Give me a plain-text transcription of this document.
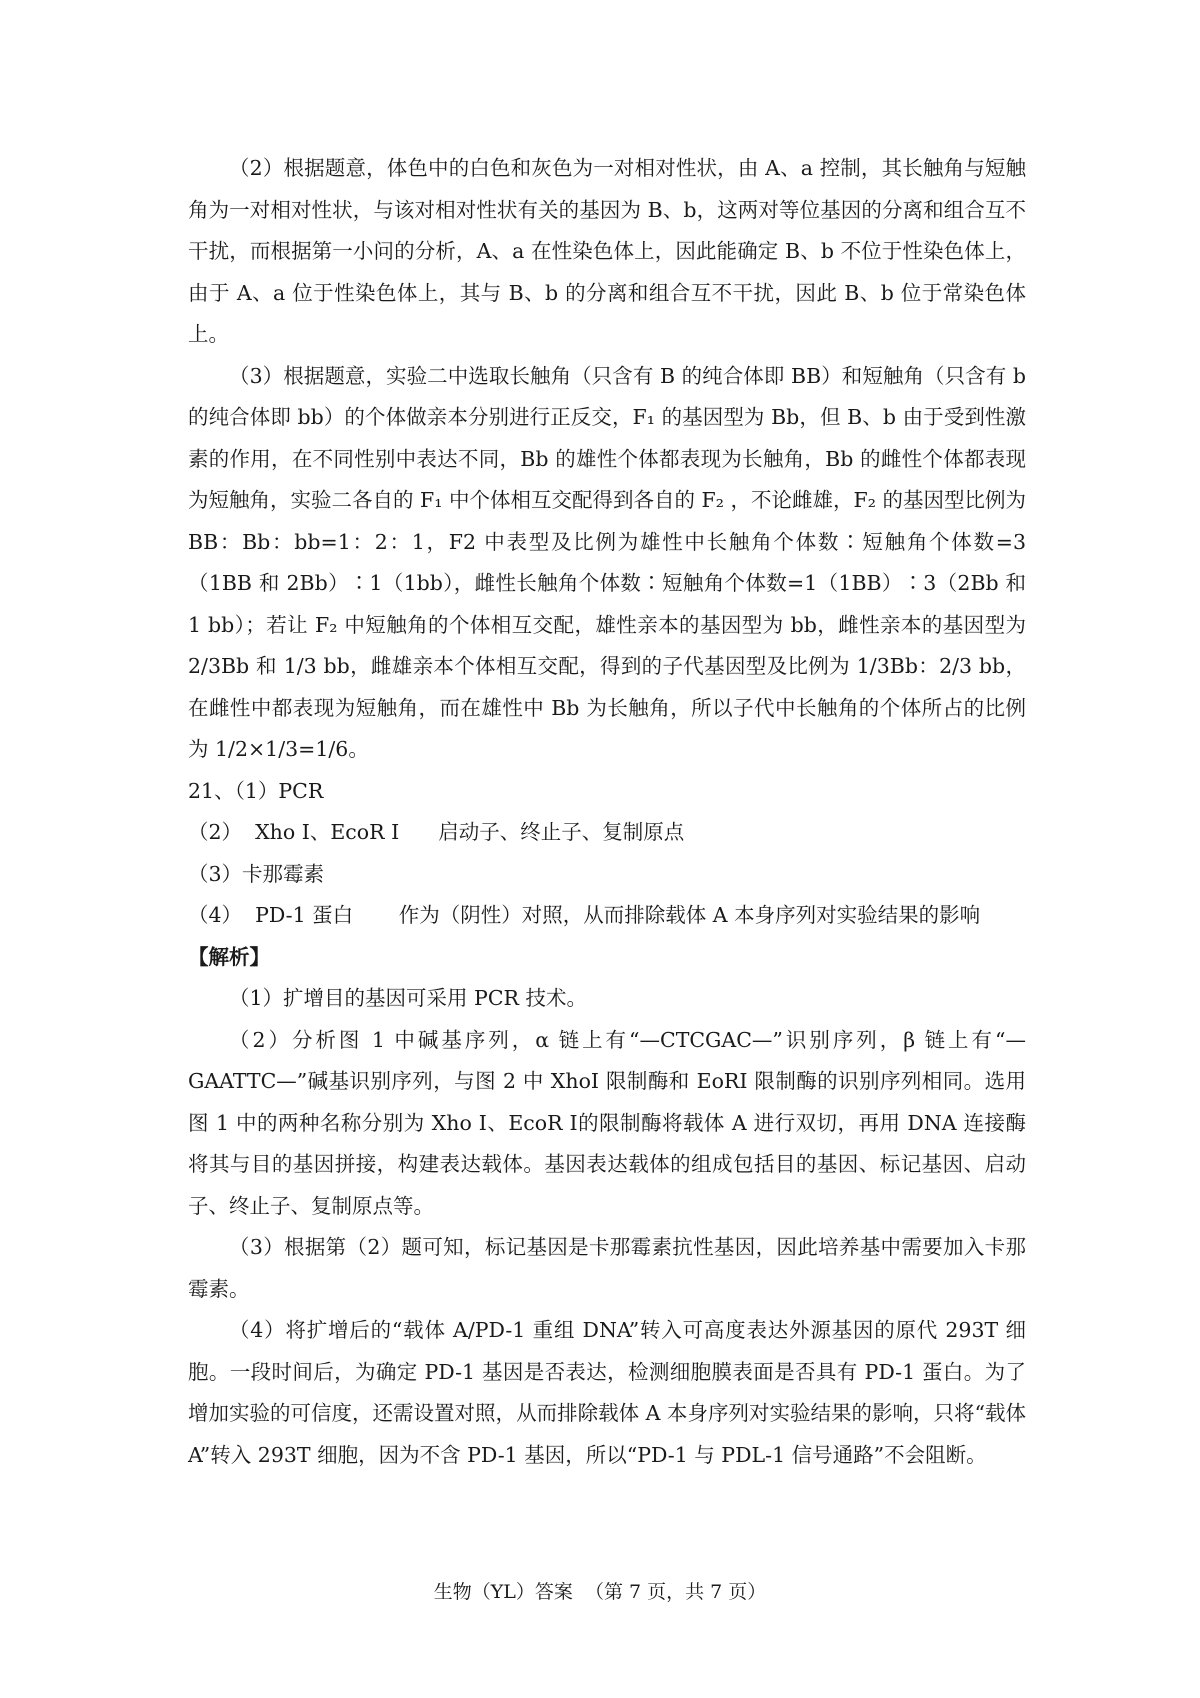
（2）根据题意，体色中的白色和灰色为一对相对性状，由 A、a 控制，其长触角与短触角为一对相对性状，与该对相对性状有关的基因为 B、b，这两对等位基因的分离和组合互不干扰，而根据第一小问的分析，A、a 在性染色体上，因此能确定 B、b 不位于性染色体上，由于 A、a 位于性染色体上，其与 B、b 的分离和组合互不干扰，因此 B、b 位于常染色体上。

（3）根据题意，实验二中选取长触角（只含有 B 的纯合体即 BB）和短触角（只含有 b 的纯合体即 bb）的个体做亲本分别进行正反交，F₁ 的基因型为 Bb，但 B、b 由于受到性激素的作用，在不同性别中表达不同，Bb 的雄性个体都表现为长触角，Bb 的雌性个体都表现为短触角，实验二各自的 F₁ 中个体相互交配得到各自的 F₂ ，不论雌雄，F₂ 的基因型比例为 BB：Bb：bb=1：2：1，F2 中表型及比例为雄性中长触角个体数∶短触角个体数=3（1BB 和 2Bb）∶1（1bb），雌性长触角个体数∶短触角个体数=1（1BB）∶3（2Bb 和 1 bb）；若让 F₂ 中短触角的个体相互交配，雄性亲本的基因型为 bb，雌性亲本的基因型为 2/3Bb 和 1/3 bb，雌雄亲本个体相互交配，得到的子代基因型及比例为 1/3Bb：2/3 bb，在雌性中都表现为短触角，而在雄性中 Bb 为长触角，所以子代中长触角的个体所占的比例为 1/2×1/3=1/6。

21、（1）PCR

（2）  Xho Ⅰ、EcoR Ⅰ      启动子、终止子、复制原点

（3）卡那霉素

（4）  PD-1 蛋白       作为（阴性）对照，从而排除载体 A 本身序列对实验结果的影响

【解析】

（1）扩增目的基因可采用 PCR 技术。

（2）分析图 1 中碱基序列，α 链上有“—CTCGAC—”识别序列，β 链上有“—GAATTC—”碱基识别序列，与图 2 中 XhoI 限制酶和 EoRI 限制酶的识别序列相同。选用图 1 中的两种名称分别为 Xho Ⅰ、EcoR Ⅰ的限制酶将载体 A 进行双切，再用 DNA 连接酶将其与目的基因拼接，构建表达载体。基因表达载体的组成包括目的基因、标记基因、启动子、终止子、复制原点等。

（3）根据第（2）题可知，标记基因是卡那霉素抗性基因，因此培养基中需要加入卡那霉素。

（4）将扩增后的“载体 A/PD-1 重组 DNA”转入可高度表达外源基因的原代 293T 细胞。一段时间后，为确定 PD-1 基因是否表达，检测细胞膜表面是否具有 PD-1 蛋白。为了增加实验的可信度，还需设置对照，从而排除载体 A 本身序列对实验结果的影响，只将“载体 A”转入 293T 细胞，因为不含 PD-1 基因，所以“PD-1 与 PDL-1 信号通路”不会阻断。

生物（YL）答案  （第 7 页，共 7 页）
